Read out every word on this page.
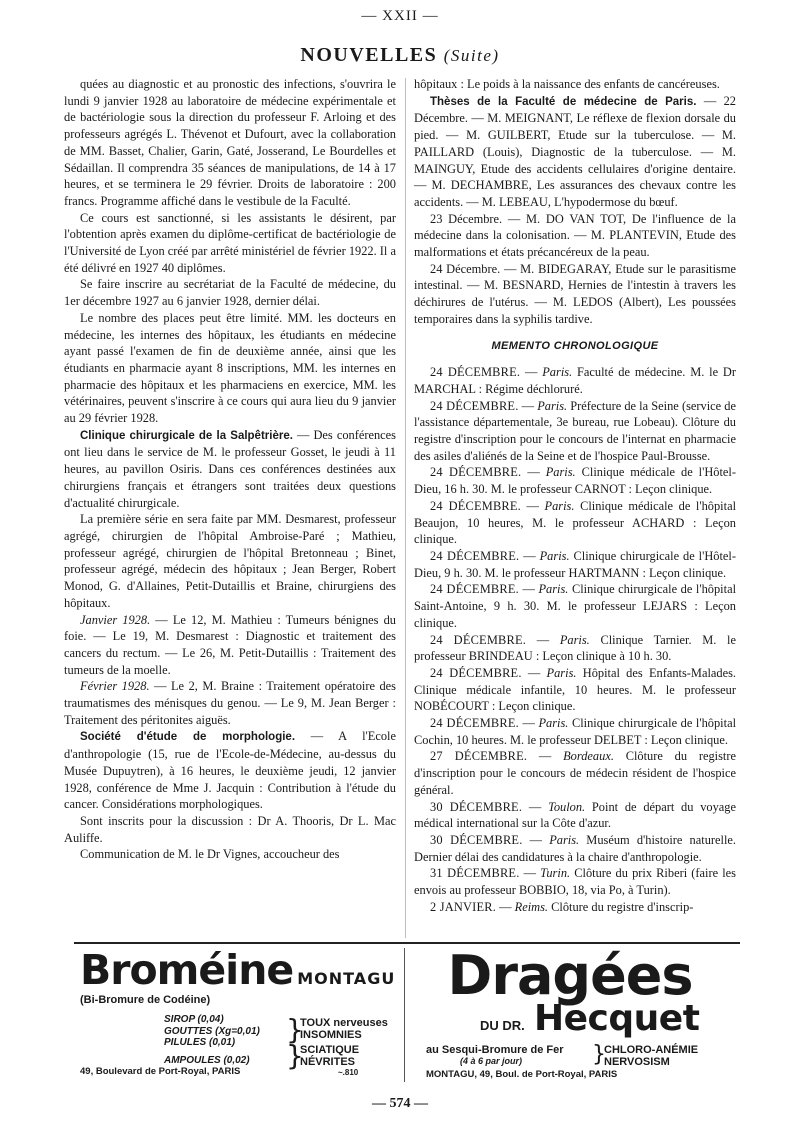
— XXII —
NOUVELLES (Suite)

quées au diagnostic et au pronostic des infections, s'ouvrira le lundi 9 janvier 1928 au laboratoire de médecine expérimentale et de bactériologie sous la direction du professeur F. Arloing et des professeurs agrégés L. Thévenot et Dufourt, avec la collaboration de MM. Basset, Chalier, Garin, Gaté, Josserand, Le Bourdelles et Sédaillan. Il comprendra 35 séances de manipulations, de 14 à 17 heures, et se terminera le 29 février. Droits de laboratoire : 200 francs. Programme affiché dans le vestibule de la Faculté.

Ce cours est sanctionné, si les assistants le désirent, par l'obtention après examen du diplôme-certificat de bactériologie de l'Université de Lyon créé par arrêté ministériel de février 1922. Il a été délivré en 1927 40 diplômes.

Se faire inscrire au secrétariat de la Faculté de médecine, du 1er décembre 1927 au 6 janvier 1928, dernier délai.

Le nombre des places peut être limité. MM. les docteurs en médecine, les internes des hôpitaux, les étudiants en médecine ayant passé l'examen de fin de deuxième année, ainsi que les étudiants en pharmacie ayant 8 inscriptions, MM. les internes en pharmacie des hôpitaux et les pharmaciens en exercice, MM. les vétérinaires, peuvent s'inscrire à ce cours qui aura lieu du 9 janvier au 29 février 1928.

Clinique chirurgicale de la Salpêtrière. — Des conférences ont lieu dans le service de M. le professeur Gosset, le jeudi à 11 heures, au pavillon Osiris. Dans ces conférences destinées aux chirurgiens français et étrangers sont traitées deux questions d'actualité chirurgicale.

La première série en sera faite par MM. Desmarest, professeur agrégé, chirurgien de l'hôpital Ambroise-Paré ; Mathieu, professeur agrégé, chirurgien de l'hôpital Bretonneau ; Binet, professeur agrégé, médecin des hôpitaux ; Jean Berger, Robert Monod, G. d'Allaines, Petit-Dutaillis et Braine, chirurgiens des hôpitaux.

Janvier 1928. — Le 12, M. Mathieu : Tumeurs bénignes du foie. — Le 19, M. Desmarest : Diagnostic et traitement des cancers du rectum. — Le 26, M. Petit-Dutaillis : Traitement des tumeurs de la moelle.

Février 1928. — Le 2, M. Braine : Traitement opératoire des traumatismes des ménisques du genou. — Le 9, M. Jean Berger : Traitement des péritonites aiguës.

Société d'étude de morphologie. — A l'Ecole d'anthropologie (15, rue de l'Ecole-de-Médecine, au-dessus du Musée Dupuytren), à 16 heures, le deuxième jeudi, 12 janvier 1928, conférence de Mme J. Jacquin : Contribution à l'étude du cancer. Considérations morphologiques.

Sont inscrits pour la discussion : Dr A. Thooris, Dr L. Mac Auliffe.

Communication de M. le Dr Vignes, accoucheur des

hôpitaux : Le poids à la naissance des enfants de cancéreuses.

Thèses de la Faculté de médecine de Paris. — 22 Décembre. — M. MEIGNANT, Le réflexe de flexion dorsale du pied. — M. GUILBERT, Etude sur la tuberculose. — M. PAILLARD (Louis), Diagnostic de la tuberculose. — M. MAINGUY, Etude des accidents cellulaires d'origine dentaire. — M. DECHAMBRE, Les assurances des chevaux contre les accidents. — M. LEBEAU, L'hypodermose du bœuf.

23 Décembre. — M. DO VAN TOT, De l'influence de la médecine dans la colonisation. — M. PLANTEVIN, Etude des malformations et états précancéreux de la peau.

24 Décembre. — M. BIDEGARAY, Etude sur le parasitisme intestinal. — M. BESNARD, Hernies de l'intestin à travers les déchirures de l'utérus. — M. LEDOS (Albert), Les poussées temporaires dans la syphilis tardive.

MEMENTO CHRONOLOGIQUE

24 DÉCEMBRE. — Paris. Faculté de médecine. M. le Dr MARCHAL : Régime déchloruré.

24 DÉCEMBRE. — Paris. Préfecture de la Seine (service de l'assistance départementale, 3e bureau, rue Lobeau). Clôture du registre d'inscription pour le concours de l'internat en pharmacie des asiles d'aliénés de la Seine et de l'hospice Paul-Brousse.

24 DÉCEMBRE. — Paris. Clinique médicale de l'Hôtel-Dieu, 16 h. 30. M. le professeur CARNOT : Leçon clinique.

24 DÉCEMBRE. — Paris. Clinique médicale de l'hôpital Beaujon, 10 heures, M. le professeur ACHARD : Leçon clinique.

24 DÉCEMBRE. — Paris. Clinique chirurgicale de l'Hôtel-Dieu, 9 h. 30. M. le professeur HARTMANN : Leçon clinique.

24 DÉCEMBRE. — Paris. Clinique chirurgicale de l'hôpital Saint-Antoine, 9 h. 30. M. le professeur LEJARS : Leçon clinique.

24 DÉCEMBRE. — Paris. Clinique Tarnier. M. le professeur BRINDEAU : Leçon clinique à 10 h. 30.

24 DÉCEMBRE. — Paris. Hôpital des Enfants-Malades. Clinique médicale infantile, 10 heures. M. le professeur NOBÉCOURT : Leçon clinique.

24 DÉCEMBRE. — Paris. Clinique chirurgicale de l'hôpital Cochin, 10 heures. M. le professeur DELBET : Leçon clinique.

27 DÉCEMBRE. — Bordeaux. Clôture du registre d'inscription pour le concours de médecin résident de l'hospice général.

30 DÉCEMBRE. — Toulon. Point de départ du voyage médical international sur la Côte d'azur.

30 DÉCEMBRE. — Paris. Muséum d'histoire naturelle. Dernier délai des candidatures à la chaire d'anthropologie.

31 DÉCEMBRE. — Turin. Clôture du prix Riberi (faire les envois au professeur BOBBIO, 18, via Po, à Turin).

2 JANVIER. — Reims. Clôture du registre d'inscrip-

Broméine MONTAGU
(Bi-Bromure de Codéine)
SIROP (0,04)
GOUTTES (Xg=0,01)
PILULES (0,01)
AMPOULES (0,02)
}
TOUX nerveuses
INSOMNIES
}
SCIATIQUE
NÉVRITES
49, Boulevard de Port-Royal, PARIS	~.810
Dragées
DU DR. Hecquet
au Sesqui-Bromure de Fer
(4 à 6 par jour)	}
CHLORO-ANÉMIE
NERVOSISM
MONTAGU, 49, Boul. de Port-Royal, PARIS
— 574 —
